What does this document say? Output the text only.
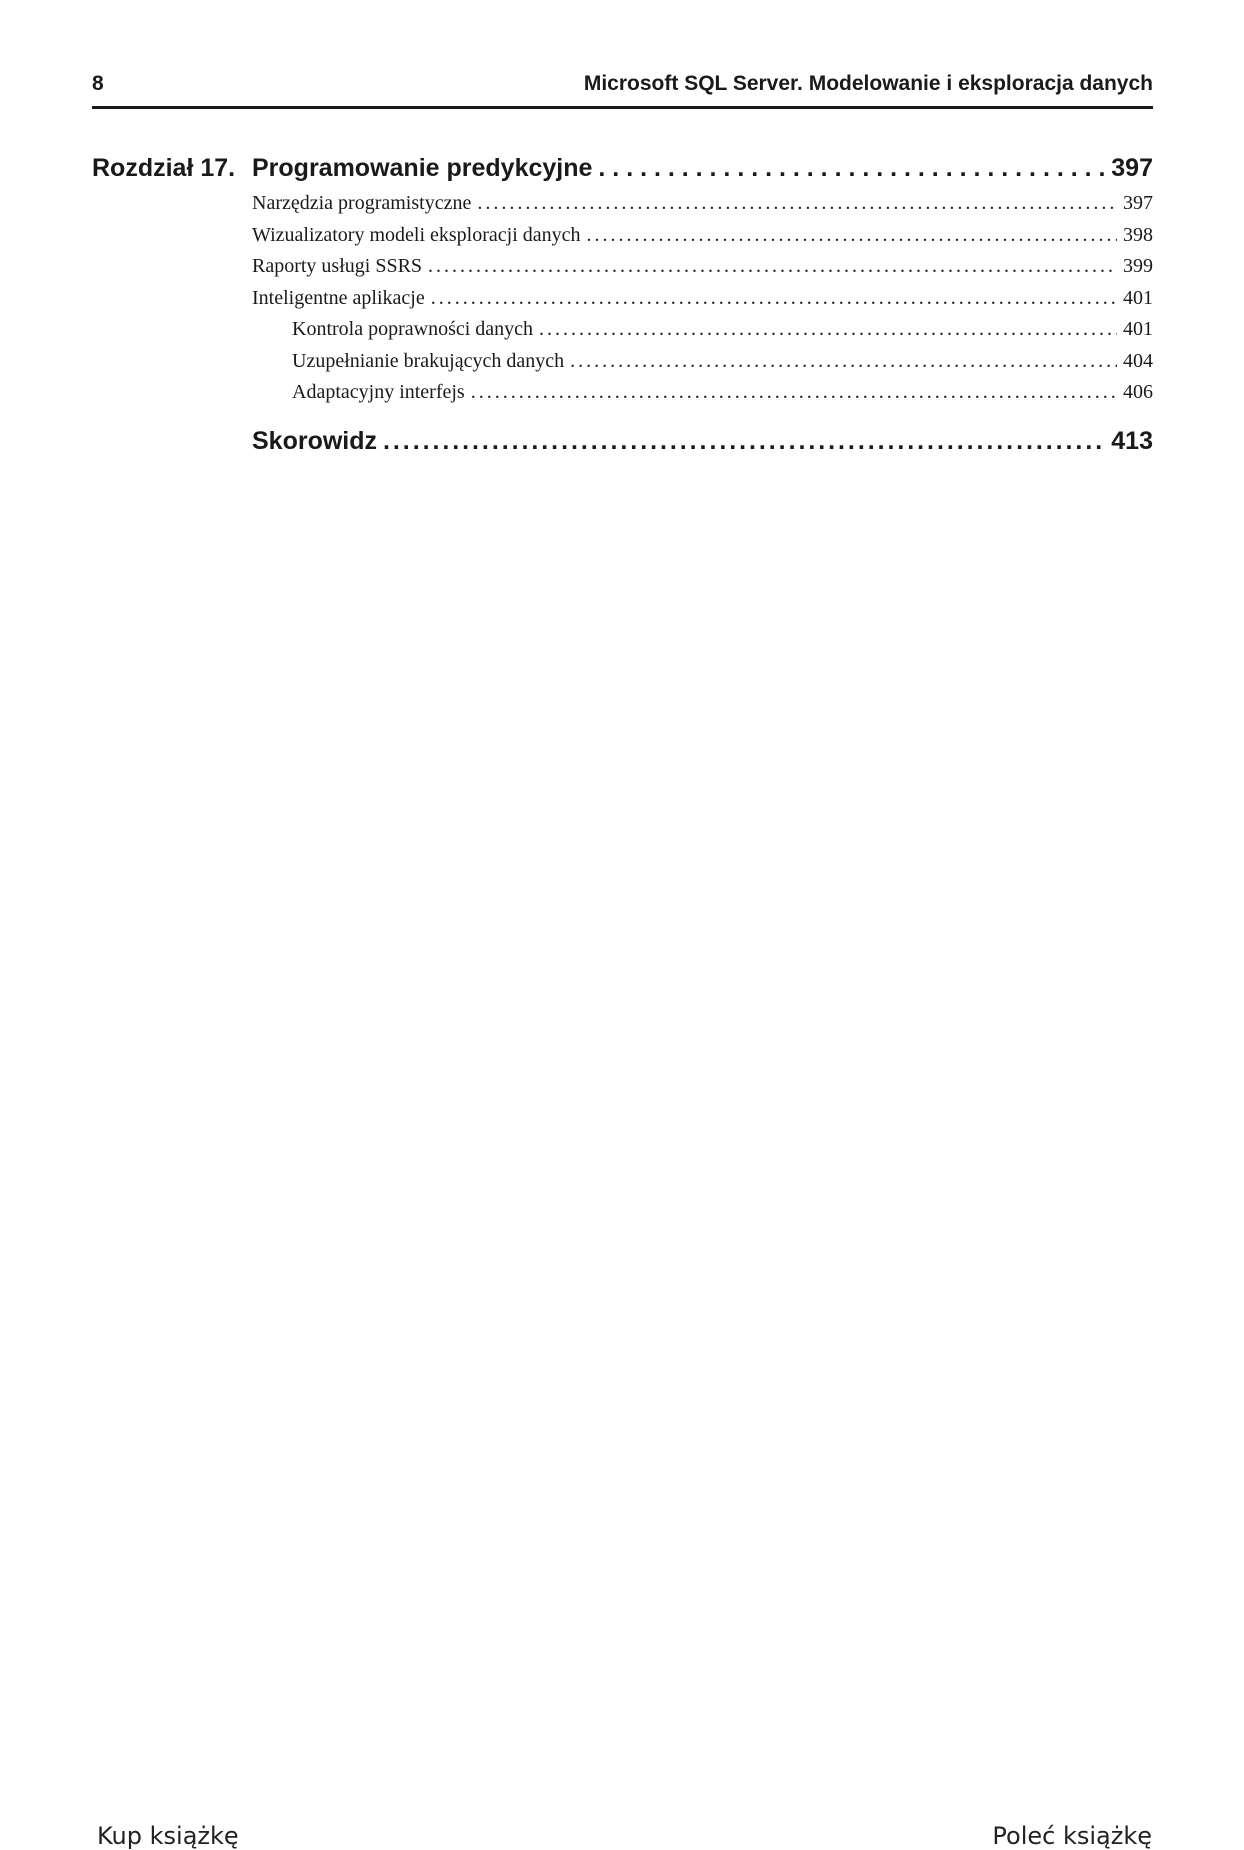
8	Microsoft SQL Server. Modelowanie i eksploracja danych
Rozdział 17. Programowanie predykcyjne . . .	397
Narzędzia programistyczne . . .	397
Wizualizatory modeli eksploracji danych . . .	398
Raporty usługi SSRS . . .	399
Inteligentne aplikacje . . .	401
Kontrola poprawności danych . . .	401
Uzupełnianie brakujących danych . . .	404
Adaptacyjny interfejs . . .	406
Skorowidz . . .	413
Kup książkę	Poleć książkę
